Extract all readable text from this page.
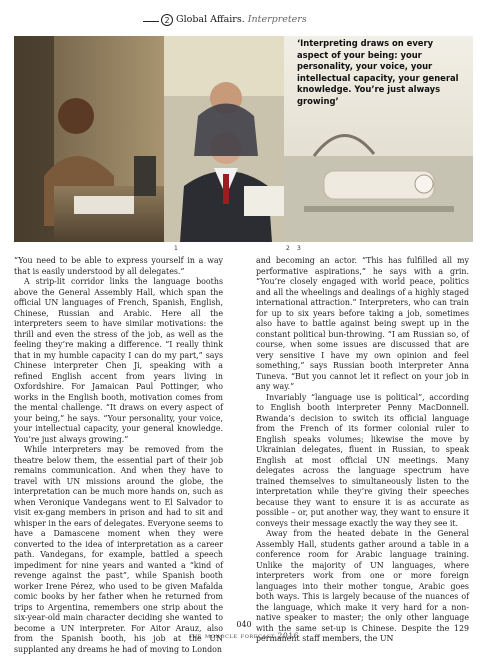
2 Global Affairs. Interpreters
‘Interpreting draws on every aspect of your being: your personality, your voice, your intellectual capacity, your general knowledge. You’re just always growing’
1	2 3

“You need to be able to express yourself in a way that is easily understood by all delegates.”

A strip-lit corridor links the language booths above the General Assembly Hall, which span the official UN languages of French, Spanish, English, Chinese, Russian and Arabic. Here all the interpreters seem to have similar motivations: the thrill and even the stress of the job, as well as the feeling they’re making a difference. “I really think that in my humble capacity I can do my part,” says Chinese interpreter Chen Ji, speaking with a refined English accent from years living in Oxfordshire. For Jamaican Paul Pottinger, who works in the English booth, motivation comes from the mental challenge. “It draws on every aspect of your being,” he says. “Your personality, your voice, your intellectual capacity, your general knowledge. You’re just always growing.”

While interpreters may be removed from the theatre below them, the essential part of their job remains communication. And when they have to travel with UN missions around the globe, the interpretation can be much more hands on, such as when Veronique Vandegans went to El Salvador to visit ex-gang members in prison and had to sit and whisper in the ears of delegates. Everyone seems to have a Damascene moment when they were converted to the idea of interpretation as a career path. Vandegans, for example, battled a speech impediment for nine years and wanted a “kind of revenge against the past”, while Spanish booth worker Irene Pérez, who used to be given Mafalda comic books by her father when he returned from trips to Argentina, remembers one strip about the six-year-old main character deciding she wanted to become a UN interpreter. For Aitor Arauz, also from the Spanish booth, his job at the UN supplanted any dreams he had of moving to London

and becoming an actor. “This has fulfilled all my performative aspirations,” he says with a grin. “You’re closely engaged with world peace, politics and all the wheelings and dealings of a highly staged international attraction.” Interpreters, who can train for up to six years before taking a job, sometimes also have to battle against being swept up in the constant political bun-throwing. “I am Russian so, of course, when some issues are discussed that are very sensitive I have my own opinion and feel something,” says Russian booth interpreter Anna Tuneva. “But you cannot let it reflect on your job in any way.”

Invariably “language use is political”, according to English booth interpreter Penny MacDonnell. Rwanda’s decision to switch its official language from the French of its former colonial ruler to English speaks volumes; likewise the move by Ukrainian delegates, fluent in Russian, to speak English at most official UN meetings. Many delegates across the language spectrum have trained themselves to simultaneously listen to the interpretation while they’re giving their speeches because they want to ensure it is as accurate as possible – or, put another way, they want to ensure it conveys their message exactly the way they see it.

Away from the heated debate in the General Assembly Hall, students gather around a table in a conference room for Arabic language training. Unlike the majority of UN languages, where interpreters work from one or more foreign languages into their mother tongue, Arabic goes both ways. This is largely because of the nuances of the language, which make it very hard for a non-native speaker to master; the only other language with the same set-up is Chinese. Despite the 129 permanent staff members, the UN

040
the monocle forecast 2016
